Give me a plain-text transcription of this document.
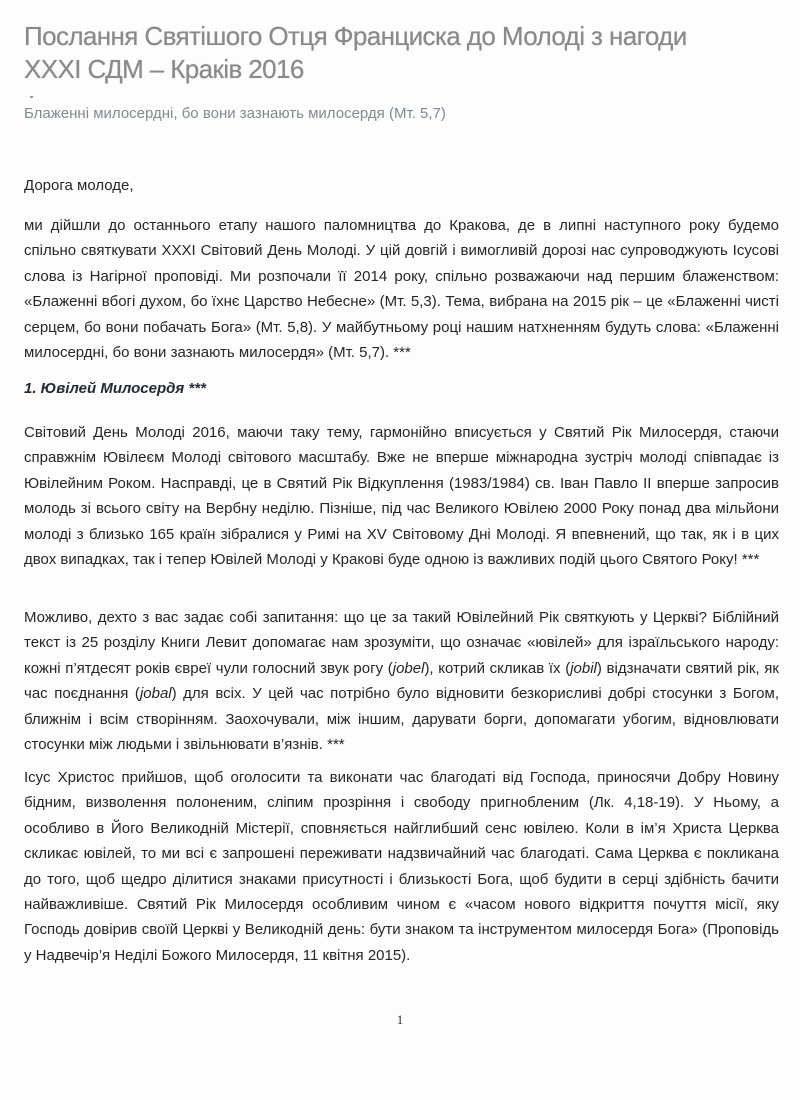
Послання Святішого Отця Франциска до Молоді з нагоди
XXXI СДМ – Краків 2016

Блаженні милосердні, бо вони зазнають милосердя (Мт. 5,7)

Дорога молоде,

ми дійшли до останнього етапу нашого паломництва до Кракова, де в липні наступного року будемо спільно святкувати XXXI Світовий День Молоді. У цій довгій і вимогливій дорозі нас супроводжують Ісусові слова із Нагірної проповіді. Ми розпочали її 2014 року, спільно розважаючи над першим блаженством: «Блаженні вбогі духом, бо їхнє Царство Небесне» (Мт. 5,3). Тема, вибрана на 2015 рік – це «Блаженні чисті серцем, бо вони побачать Бога» (Мт. 5,8). У майбутньому році нашим натхненням будуть слова: «Блаженні милосердні, бо вони зазнають милосердя» (Мт. 5,7). ***

1. Ювілей Милосердя ***

Світовий День Молоді 2016, маючи таку тему, гармонійно вписується у Святий Рік Милосердя, стаючи справжнім Ювілеєм Молоді світового масштабу. Вже не вперше міжнародна зустріч молоді співпадає із Ювілейним Роком. Насправді, це в Святий Рік Відкуплення (1983/1984) св. Іван Павло ІІ вперше запросив молодь зі всього світу на Вербну неділю. Пізніше, під час Великого Ювілею 2000 Року понад два мільйони молоді з близько 165 країн зібралися у Римі на XV Світовому Дні Молоді. Я впевнений, що так, як і в цих двох випадках, так і тепер Ювілей Молоді у Кракові буде одною із важливих подій цього Святого Року! ***

Можливо, дехто з вас задає собі запитання: що це за такий Ювілейний Рік святкують у Церкві? Біблійний текст із 25 розділу Книги Левит допомагає нам зрозуміти, що означає «ювілей» для ізраїльського народу: кожні п’ятдесят років євреї чули голосний звук рогу (jobel), котрий скликав їх (jobil) відзначати святий рік, як час поєднання (jobal) для всіх. У цей час потрібно було відновити безкорисливі добрі стосунки з Богом, ближнім і всім створінням. Заохочували, між іншим, дарувати борги, допомагати убогим, відновлювати стосунки між людьми і звільнювати в’язнів. ***

Ісус Христос прийшов, щоб оголосити та виконати час благодаті від Господа, приносячи Добру Новину бідним, визволення полоненим, сліпим прозріння і свободу пригнобленим (Лк. 4,18-19). У Ньому, а особливо в Його Великодній Містерії, сповняється найглибший сенс ювілею. Коли в ім’я Христа Церква скликає ювілей, то ми всі є запрошені переживати надзвичайний час благодаті. Сама Церква є покликана до того, щоб щедро ділитися знаками присутності і близькості Бога, щоб будити в серці здібність бачити найважливіше. Святий Рік Милосердя особливим чином є «часом нового відкриття почуття місії, яку Господь довірив своїй Церкві у Великодній день: бути знаком та інструментом милосердя Бога» (Проповідь у Надвечір’я Неділі Божого Милосердя, 11 квітня 2015).

1
